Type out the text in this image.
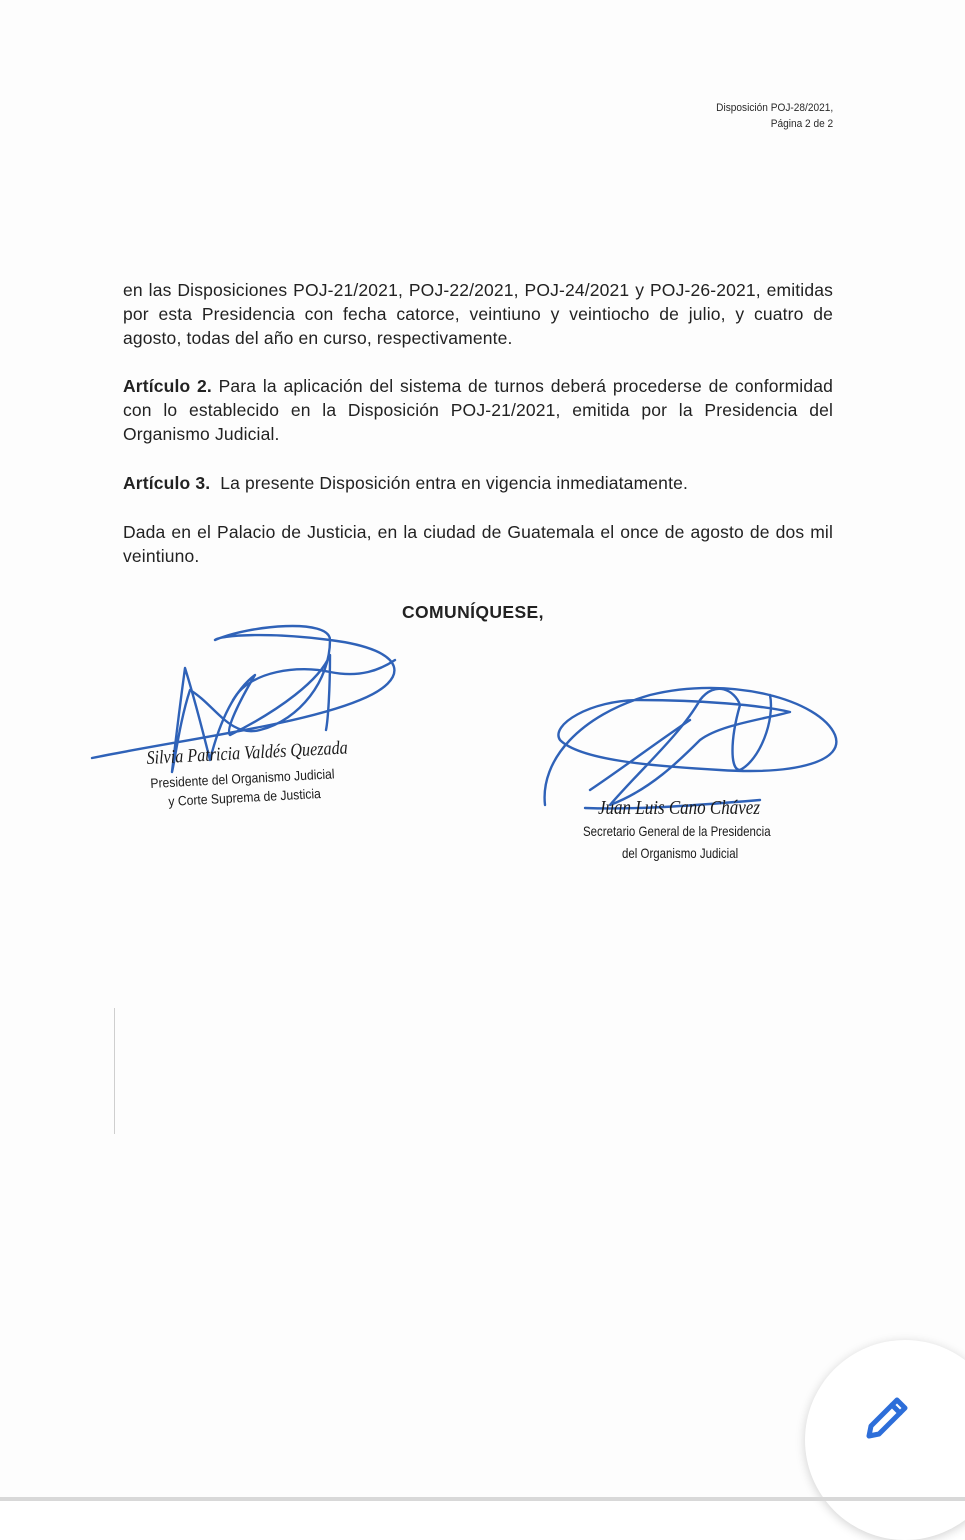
Disposición POJ-28/2021,
Página 2 de 2
en las Disposiciones POJ-21/2021, POJ-22/2021, POJ-24/2021 y POJ-26-2021, emitidas por esta Presidencia con fecha catorce, veintiuno y veintiocho de julio, y cuatro de agosto, todas del año en curso, respectivamente.
Artículo 2. Para la aplicación del sistema de turnos deberá procederse de conformidad con lo establecido en la Disposición POJ-21/2021, emitida por la Presidencia del Organismo Judicial.
Artículo 3.  La presente Disposición entra en vigencia inmediatamente.
Dada en el Palacio de Justicia, en la ciudad de Guatemala el once de agosto de dos mil veintiuno.
COMUNÍQUESE,
Silvia Patricia Valdés Quezada
Presidente del Organismo Judicial
y Corte Suprema de Justicia	Juan Luis Cano Chávez
Secretario General de la Presidencia
del Organismo Judicial
